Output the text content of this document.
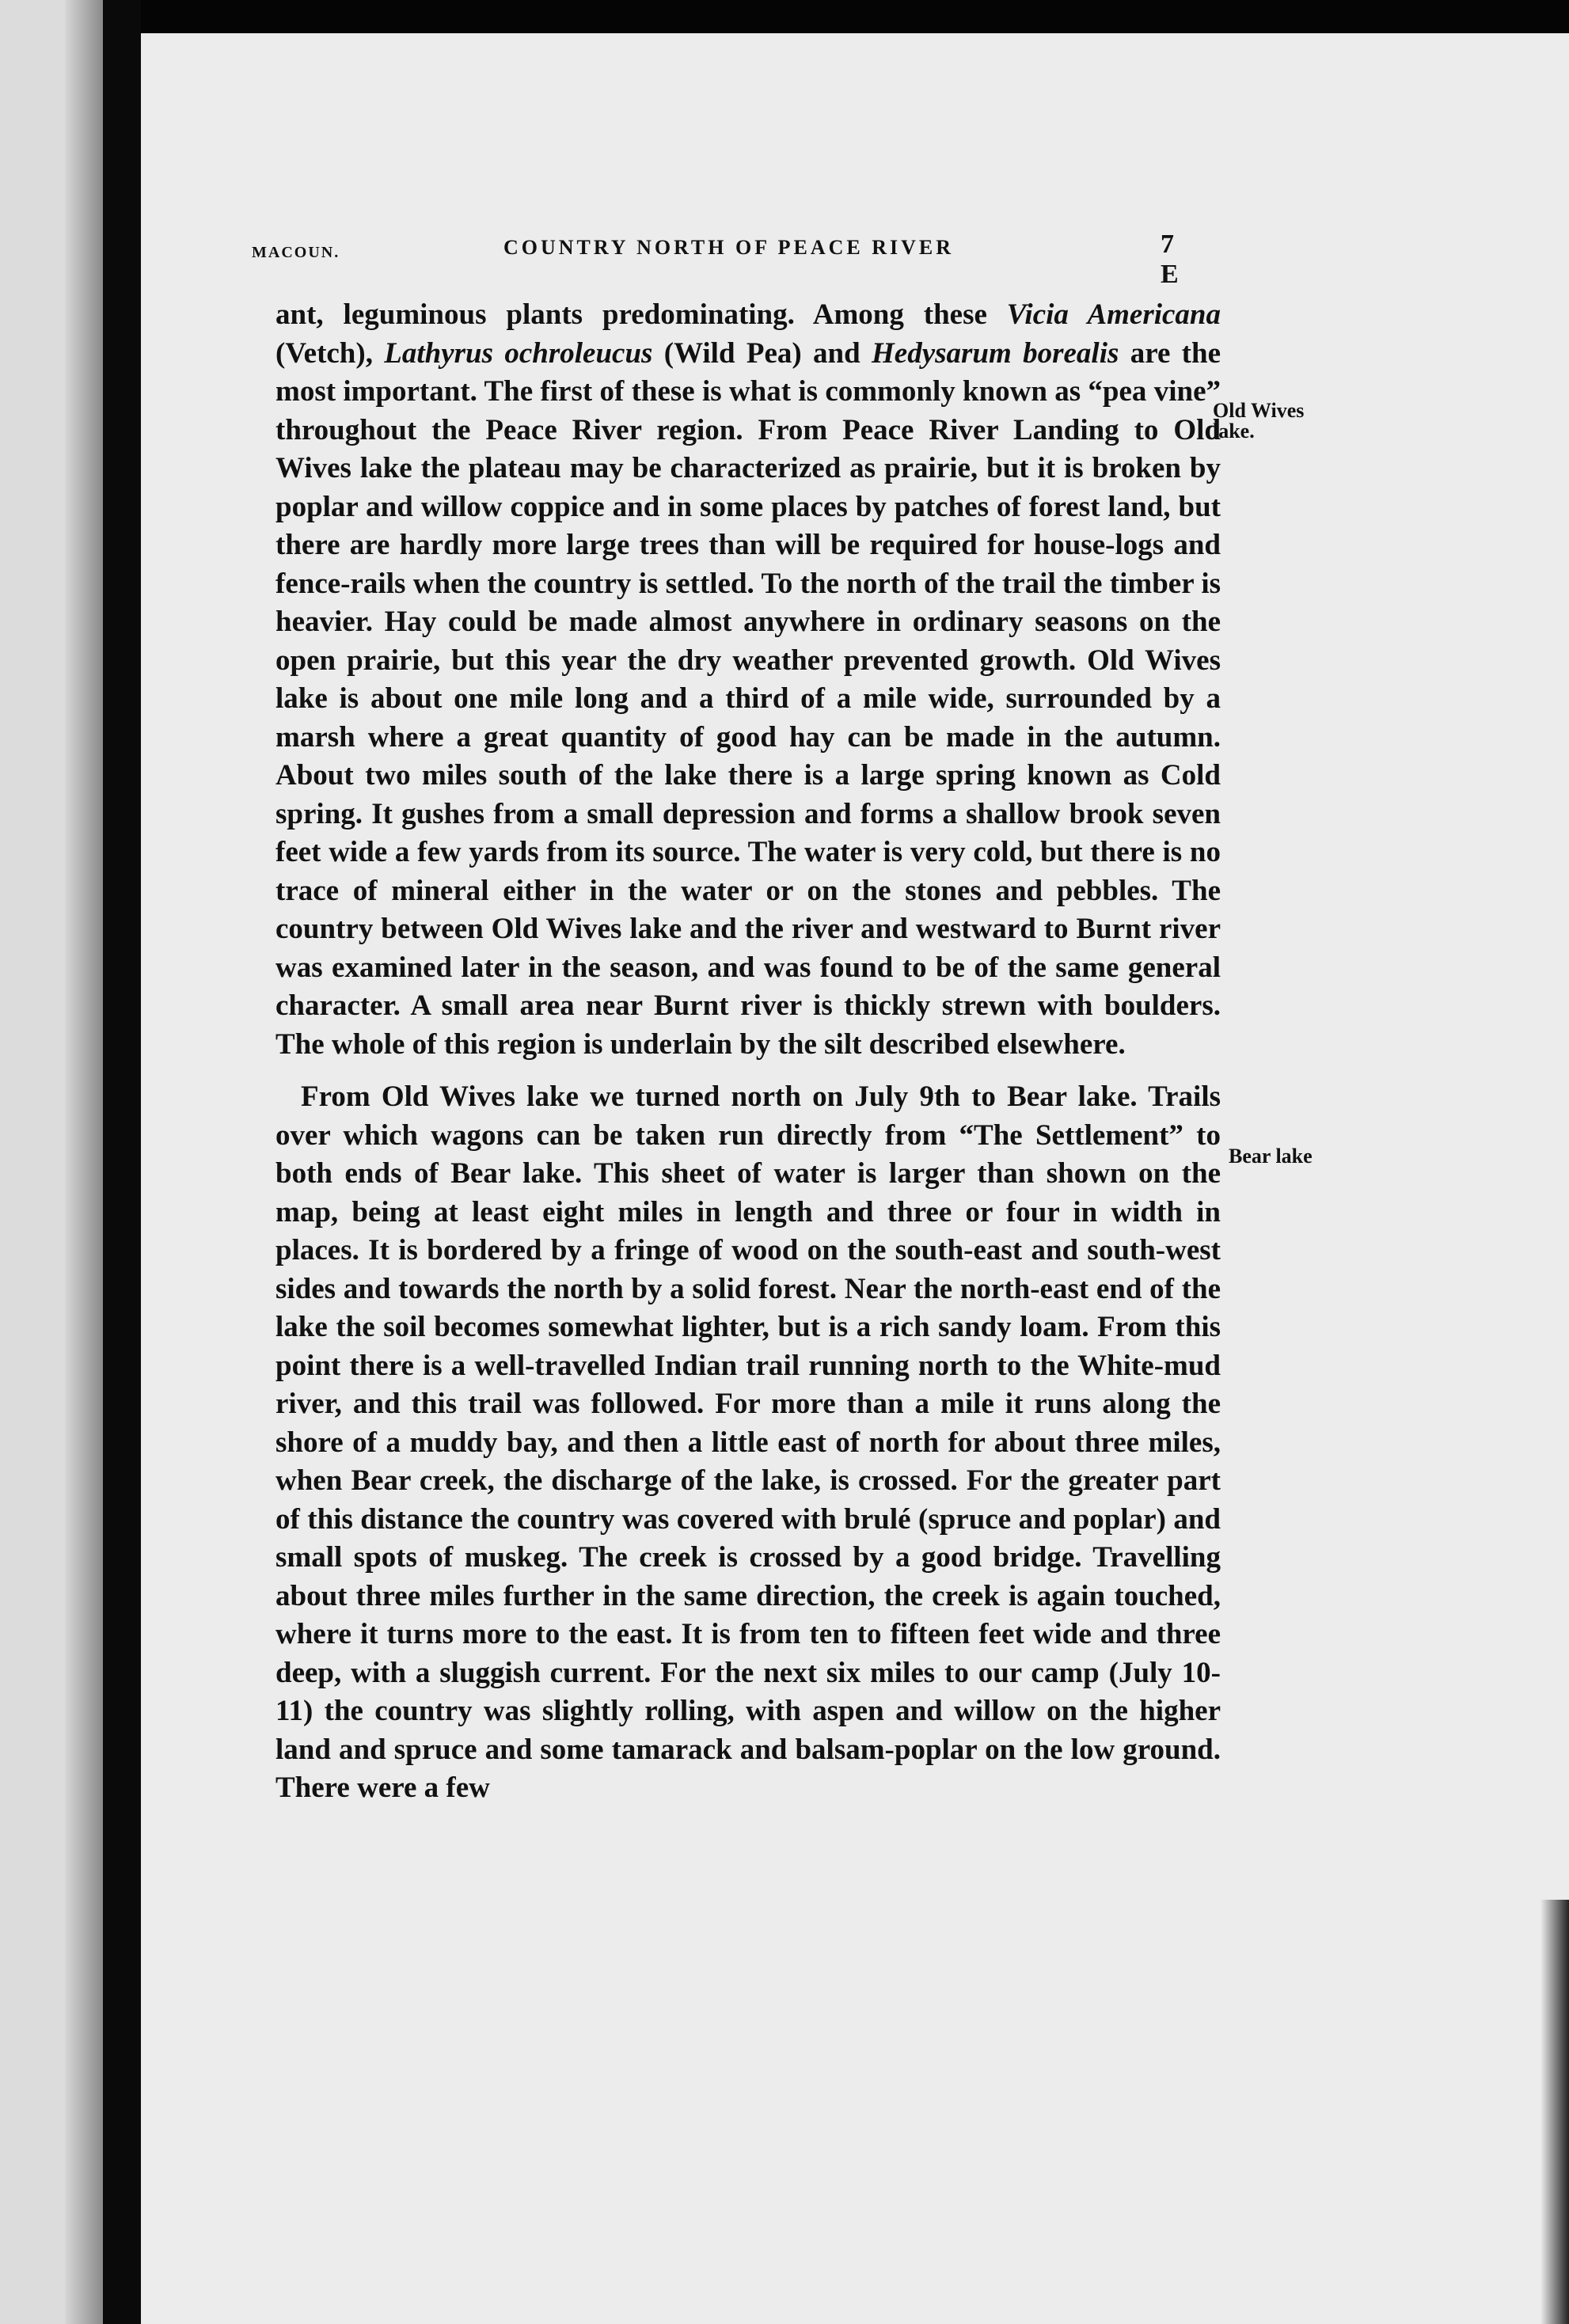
MACOUN.	COUNTRY NORTH OF PEACE RIVER	7 E

ant, leguminous plants predominating. Among these Vicia Americana (Vetch), Lathyrus ochroleucus (Wild Pea) and Hedysarum borealis are the most important. The first of these is what is commonly known as “pea vine” throughout the Peace River region. From Peace River Landing to Old Wives lake the plateau may be characterized as prairie, but it is broken by poplar and willow coppice and in some places by patches of forest land, but there are hardly more large trees than will be required for house-logs and fence-rails when the country is settled. To the north of the trail the timber is heavier. Hay could be made almost anywhere in ordinary seasons on the open prairie, but this year the dry weather prevented growth. Old Wives lake is about one mile long and a third of a mile wide, surrounded by a marsh where a great quantity of good hay can be made in the autumn. About two miles south of the lake there is a large spring known as Cold spring. It gushes from a small depression and forms a shallow brook seven feet wide a few yards from its source. The water is very cold, but there is no trace of mineral either in the water or on the stones and pebbles. The country between Old Wives lake and the river and westward to Burnt river was examined later in the season, and was found to be of the same general character. A small area near Burnt river is thickly strewn with boulders. The whole of this region is underlain by the silt described elsewhere.

From Old Wives lake we turned north on July 9th to Bear lake. Trails over which wagons can be taken run directly from “The Settlement” to both ends of Bear lake. This sheet of water is larger than shown on the map, being at least eight miles in length and three or four in width in places. It is bordered by a fringe of wood on the south-east and south-west sides and towards the north by a solid forest. Near the north-east end of the lake the soil becomes somewhat lighter, but is a rich sandy loam. From this point there is a well-travelled Indian trail running north to the White-mud river, and this trail was followed. For more than a mile it runs along the shore of a muddy bay, and then a little east of north for about three miles, when Bear creek, the discharge of the lake, is crossed. For the greater part of this distance the country was covered with brulé (spruce and poplar) and small spots of muskeg. The creek is crossed by a good bridge. Travelling about three miles further in the same direction, the creek is again touched, where it turns more to the east. It is from ten to fifteen feet wide and three deep, with a sluggish current. For the next six miles to our camp (July 10-11) the country was slightly rolling, with aspen and willow on the higher land and spruce and some tamarack and balsam-poplar on the low ground. There were a few

Old Wives
lake.
Bear lake
